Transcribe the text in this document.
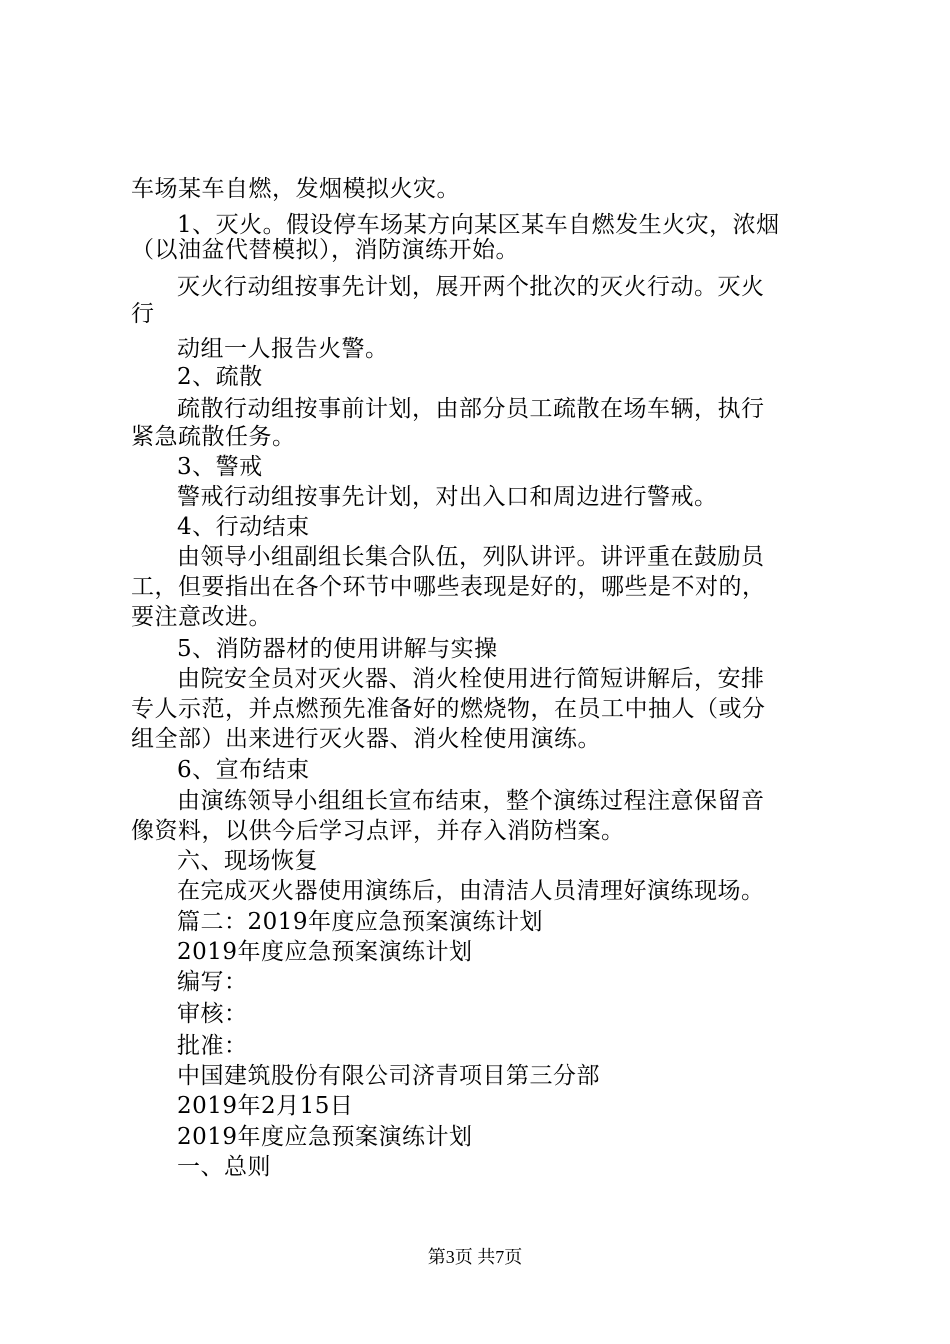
车场某车自燃，发烟模拟火灾。
1、灭火。假设停车场某方向某区某车自燃发生火灾，浓烟
（以油盆代替模拟），消防演练开始。
灭火行动组按事先计划，展开两个批次的灭火行动。灭火
行
动组一人报告火警。
2、疏散
疏散行动组按事前计划，由部分员工疏散在场车辆，执行
紧急疏散任务。
3、警戒
警戒行动组按事先计划，对出入口和周边进行警戒。
4、行动结束
由领导小组副组长集合队伍，列队讲评。讲评重在鼓励员
工，但要指出在各个环节中哪些表现是好的，哪些是不对的，
要注意改进。
5、消防器材的使用讲解与实操
由院安全员对灭火器、消火栓使用进行简短讲解后，安排
专人示范，并点燃预先准备好的燃烧物，在员工中抽人（或分
组全部）出来进行灭火器、消火栓使用演练。
6、宣布结束
由演练领导小组组长宣布结束，整个演练过程注意保留音
像资料，以供今后学习点评，并存入消防档案。
六、现场恢复
在完成灭火器使用演练后，由清洁人员清理好演练现场。
篇二：2019年度应急预案演练计划
2019年度应急预案演练计划
编写：
审核：
批准：
中国建筑股份有限公司济青项目第三分部
2019年2月15日
2019年度应急预案演练计划
一、总则
第3页 共7页
